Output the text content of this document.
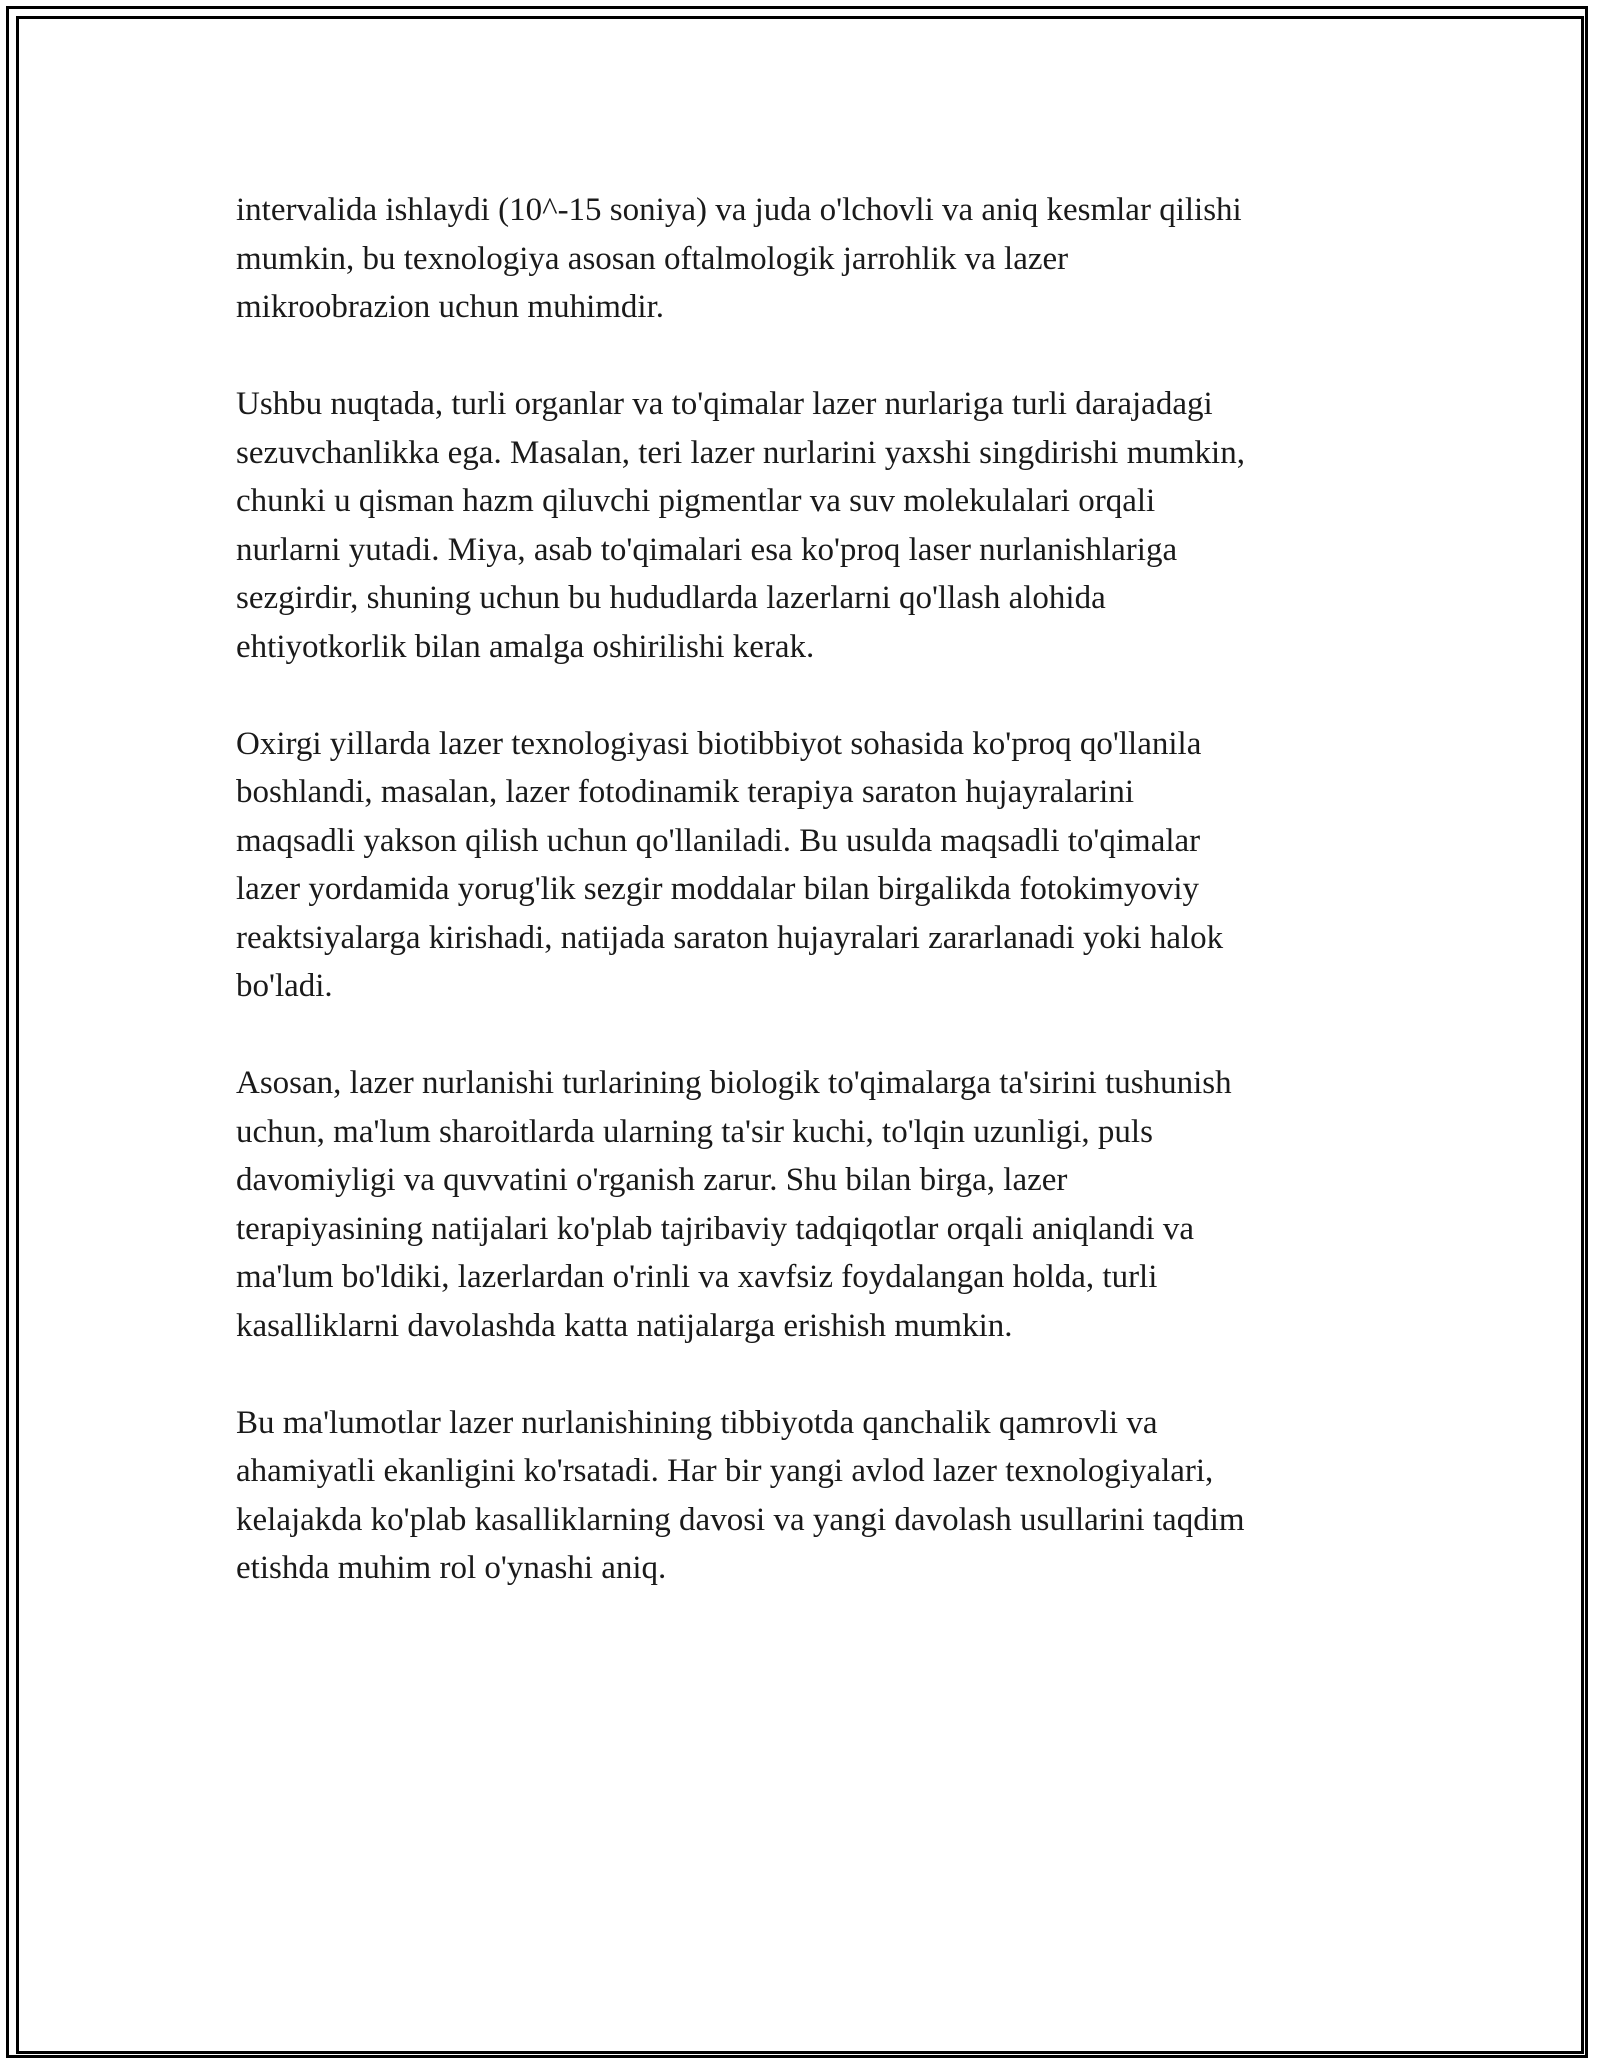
intervalida ishlaydi (10^-15 soniya) va juda o'lchovli va aniq kesmlar qilishi
mumkin, bu texnologiya asosan oftalmologik jarrohlik va lazer
mikroobrazion uchun muhimdir.

Ushbu nuqtada, turli organlar va to'qimalar lazer nurlariga turli darajadagi
sezuvchanlikka ega. Masalan, teri lazer nurlarini yaxshi singdirishi mumkin,
chunki u qisman hazm qiluvchi pigmentlar va suv molekulalari orqali
nurlarni yutadi. Miya, asab to'qimalari esa ko'proq laser nurlanishlariga
sezgirdir, shuning uchun bu hududlarda lazerlarni qo'llash alohida
ehtiyotkorlik bilan amalga oshirilishi kerak.

Oxirgi yillarda lazer texnologiyasi biotibbiyot sohasida ko'proq qo'llanila
boshlandi, masalan, lazer fotodinamik terapiya saraton hujayralarini
maqsadli yakson qilish uchun qo'llaniladi. Bu usulda maqsadli to'qimalar
lazer yordamida yorug'lik sezgir moddalar bilan birgalikda fotokimyoviy
reaktsiyalarga kirishadi, natijada saraton hujayralari zararlanadi yoki halok
bo'ladi.

Asosan, lazer nurlanishi turlarining biologik to'qimalarga ta'sirini tushunish
uchun, ma'lum sharoitlarda ularning ta'sir kuchi, to'lqin uzunligi, puls
davomiyligi va quvvatini o'rganish zarur. Shu bilan birga, lazer
terapiyasining natijalari ko'plab tajribaviy tadqiqotlar orqali aniqlandi va
ma'lum bo'ldiki, lazerlardan o'rinli va xavfsiz foydalangan holda, turli
kasalliklarni davolashda katta natijalarga erishish mumkin.

Bu ma'lumotlar lazer nurlanishining tibbiyotda qanchalik qamrovli va
ahamiyatli ekanligini ko'rsatadi. Har bir yangi avlod lazer texnologiyalari,
kelajakda ko'plab kasalliklarning davosi va yangi davolash usullarini taqdim
etishda muhim rol o'ynashi aniq.
